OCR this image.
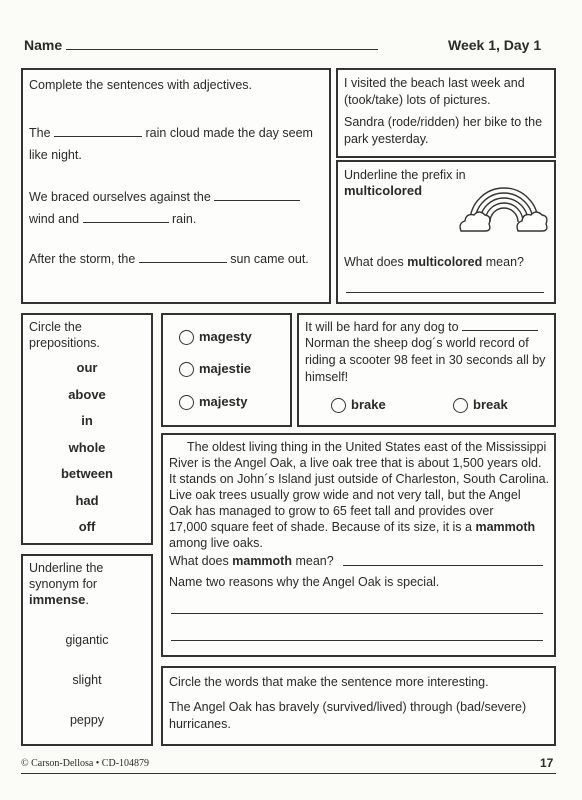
Name	Week 1, Day 1
Complete the sentences with adjectives.
The	rain cloud made the day seem
like night.
We braced ourselves against the
wind and	rain.
After the storm, the	sun came out.
I visited the beach last week and
(took/take) lots of pictures.
Sandra (rode/ridden) her bike to the
park yesterday.
Underline the prefix in
multicolored
What does multicolored mean?
Circle the
prepositions.
our
above
in
whole
between
had
off
magesty
majestie
majesty
It will be hard for any dog to
Norman the sheep dog´s world record of
riding a scooter 98 feet in 30 seconds all by
himself!
brake	break
The oldest living thing in the United States east of the Mississippi
River is the Angel Oak, a live oak tree that is about 1,500 years old.
It stands on John´s Island just outside of Charleston, South Carolina.
Live oak trees usually grow wide and not very tall, but the Angel
Oak has managed to grow to 65 feet tall and provides over
17,000 square feet of shade. Because of its size, it is a mammoth
among live oaks.
What does mammoth mean?
Name two reasons why the Angel Oak is special.
Underline the
synonym for
immense.
gigantic
slight
peppy
Circle the words that make the sentence more interesting.
The Angel Oak has bravely (survived/lived) through (bad/severe)
hurricanes.
© Carson-Dellosa • CD-104879	17
